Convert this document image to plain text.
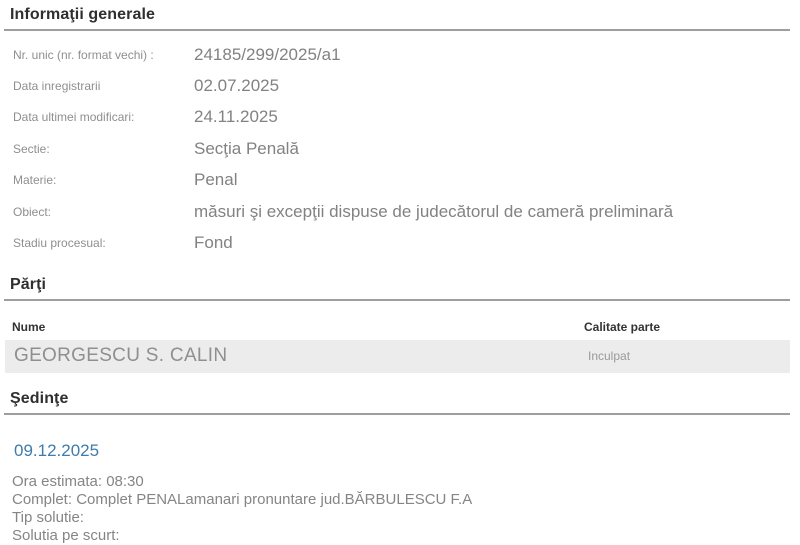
Informaţii generale
Nr. unic (nr. format vechi) :	24185/299/2025/a1
Data inregistrarii	02.07.2025
Data ultimei modificari:	24.11.2025
Sectie:	Secţia Penală
Materie:	Penal
Obiect:	măsuri şi excepţii dispuse de judecătorul de cameră preliminară
Stadiu procesual:	Fond
Părţi
Nume	Calitate parte
GEORGESCU S. CALIN	Inculpat
Şedinţe
09.12.2025
Ora estimata: 08:30
Complet: Complet PENALamanari pronuntare jud.BĂRBULESCU F.A
Tip solutie:
Solutia pe scurt:
